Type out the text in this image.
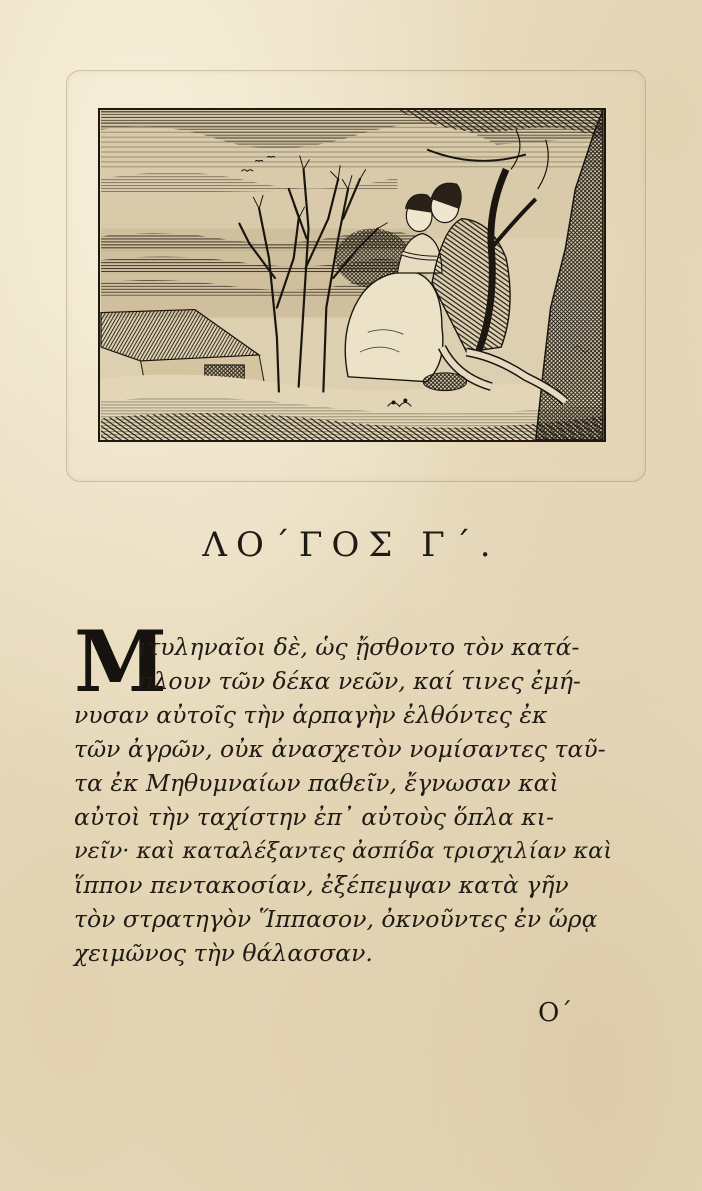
ΛΟ΄ΓΟΣ Γ΄.
Μ
ιτυληναῖοι δὲ, ὡς ᾔσθοντο τὸν κατά-
πλουν τῶν δέκα νεῶν, καί τινες ἐμή-
νυσαν αὐτοῖς τὴν ἁρπαγὴν ἐλθόντες ἐκ
τῶν ἀγρῶν, οὐκ ἀνασχετὸν νομίσαντες ταῦ-
τα ἐκ Μηθυμναίων παθεῖν, ἔγνωσαν καὶ
αὐτοὶ τὴν ταχίστην ἐπ᾽ αὐτοὺς ὅπλα κι-
νεῖν· καὶ καταλέξαντες ἀσπίδα τρισχιλίαν καὶ
ἵππον πεντακοσίαν, ἐξέπεμψαν κατὰ γῆν
τὸν στρατηγὸν Ἵππασον, ὀκνοῦντες ἐν ὥρᾳ
χειμῶνος τὴν θάλασσαν.
Ο΄
